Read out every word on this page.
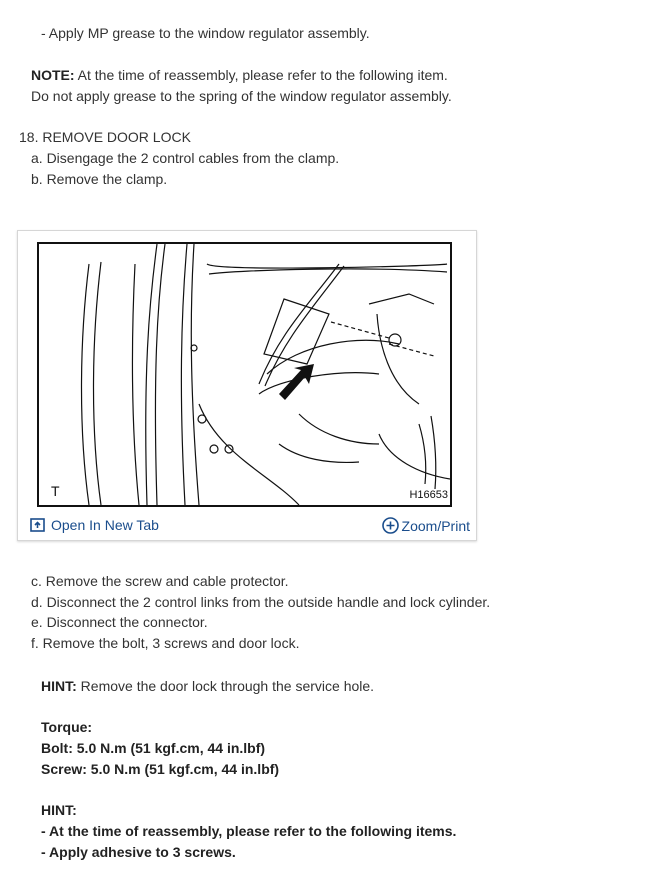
- Apply MP grease to the window regulator assembly.
NOTE: At the time of reassembly, please refer to the following item.
Do not apply grease to the spring of the window regulator assembly.
18. REMOVE DOOR LOCK
a. Disengage the 2 control cables from the clamp.
b. Remove the clamp.
T	H16653
Open In New Tab	Zoom/Print
c. Remove the screw and cable protector.
d. Disconnect the 2 control links from the outside handle and lock cylinder.
e. Disconnect the connector.
f. Remove the bolt, 3 screws and door lock.
HINT: Remove the door lock through the service hole.
Torque:
Bolt: 5.0 N.m (51 kgf.cm, 44 in.lbf)
Screw: 5.0 N.m (51 kgf.cm, 44 in.lbf)
HINT:
- At the time of reassembly, please refer to the following items.
- Apply adhesive to 3 screws.
